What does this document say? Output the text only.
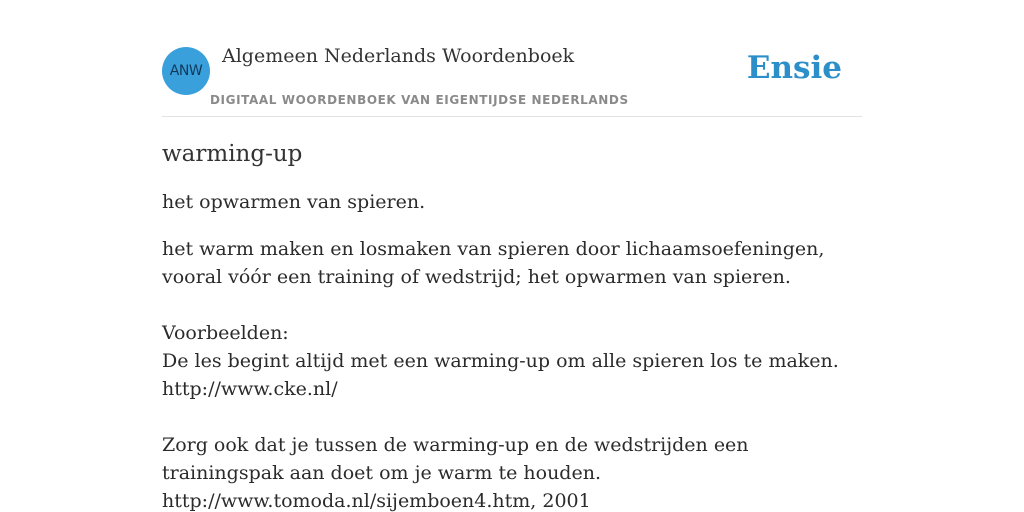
ANW
Algemeen Nederlands Woordenboek
DIGITAAL WOORDENBOEK VAN EIGENTIJDSE NEDERLANDS
Ensie
warming-up

het opwarmen van spieren.

het warm maken en losmaken van spieren door lichaamsoefeningen, vooral vóór een training of wedstrijd; het opwarmen van spieren.

Voorbeelden:
De les begint altijd met een warming-up om alle spieren los te maken.
http://www.cke.nl/

Zorg ook dat je tussen de warming-up en de wedstrijden een trainingspak aan doet om je warm te houden.
http://www.tomoda.nl/sijemboen4.htm, 2001
